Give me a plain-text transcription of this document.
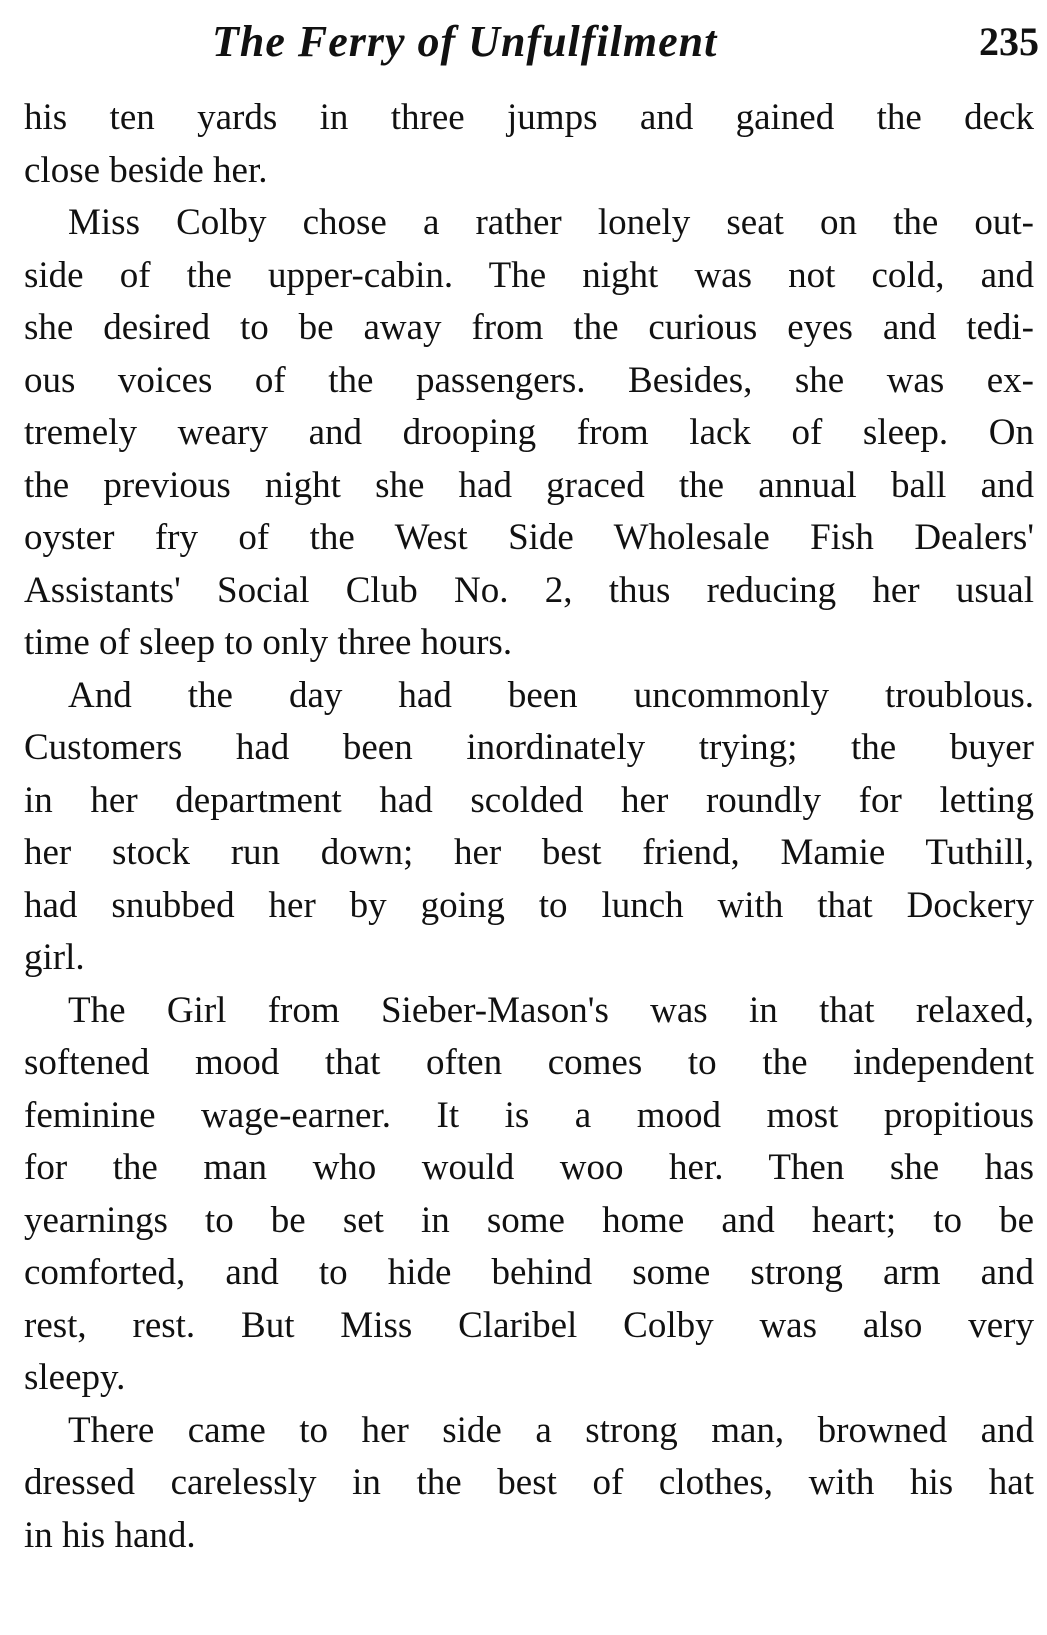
The Ferry of Unfulfilment	235
his ten yards in three jumps and gained the deck
close beside her.
Miss Colby chose a rather lonely seat on the out-
side of the upper-cabin. The night was not cold, and
she desired to be away from the curious eyes and tedi-
ous voices of the passengers. Besides, she was ex-
tremely weary and drooping from lack of sleep. On
the previous night she had graced the annual ball and
oyster fry of the West Side Wholesale Fish Dealers'
Assistants' Social Club No. 2, thus reducing her usual
time of sleep to only three hours.
And the day had been uncommonly troublous.
Customers had been inordinately trying; the buyer
in her department had scolded her roundly for letting
her stock run down; her best friend, Mamie Tuthill,
had snubbed her by going to lunch with that Dockery
girl.
The Girl from Sieber-Mason's was in that relaxed,
softened mood that often comes to the independent
feminine wage-earner. It is a mood most propitious
for the man who would woo her. Then she has
yearnings to be set in some home and heart; to be
comforted, and to hide behind some strong arm and
rest, rest. But Miss Claribel Colby was also very
sleepy.
There came to her side a strong man, browned and
dressed carelessly in the best of clothes, with his hat
in his hand.
